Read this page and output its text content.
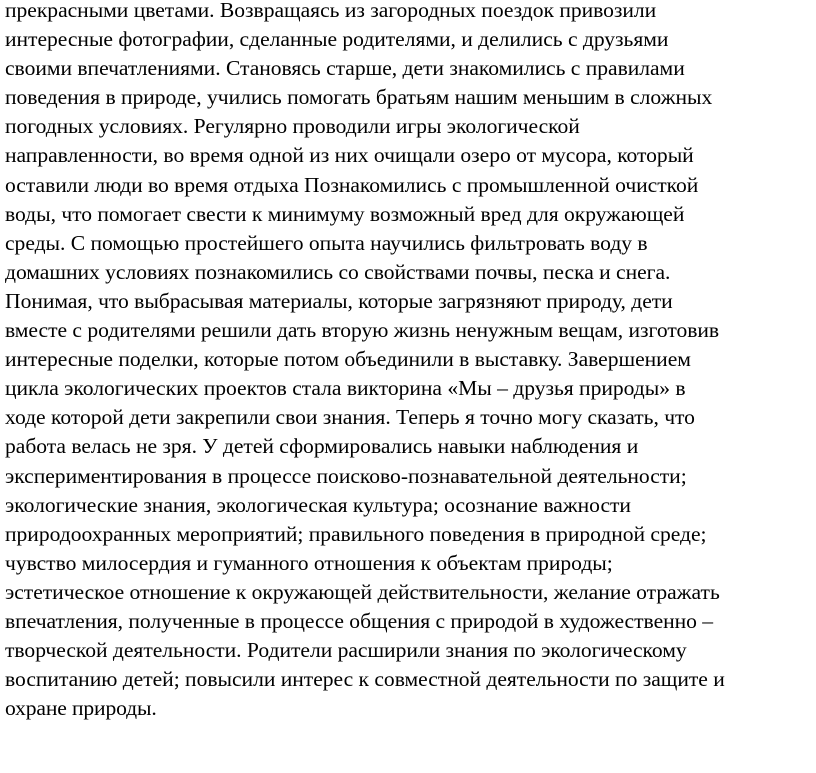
прекрасными цветами. Возвращаясь из загородных поездок привозили
интересные фотографии, сделанные родителями, и делились с друзьями
своими впечатлениями. Становясь старше, дети знакомились с правилами
поведения в природе, учились помогать братьям нашим меньшим в сложных
погодных условиях. Регулярно проводили игры экологической
направленности, во время одной из них очищали озеро от мусора, который
оставили люди во время отдыха Познакомились с промышленной очисткой
воды, что помогает свести к минимуму возможный вред для окружающей
среды. С помощью простейшего опыта научились фильтровать воду в
домашних условиях познакомились со свойствами почвы, песка и снега.
Понимая, что выбрасывая материалы, которые загрязняют природу, дети
вместе с родителями решили дать вторую жизнь ненужным вещам, изготовив
интересные поделки, которые потом объединили в выставку. Завершением
цикла экологических проектов стала викторина «Мы – друзья природы» в
ходе которой дети закрепили свои знания. Теперь я точно могу сказать, что
работа велась не зря. У детей сформировались навыки наблюдения и
экспериментирования в процессе поисково-познавательной деятельности;
экологические знания, экологическая культура; осознание важности
природоохранных мероприятий; правильного поведения в природной среде;
чувство милосердия и гуманного отношения к объектам природы;
эстетическое отношение к окружающей действительности, желание отражать
впечатления, полученные в процессе общения с природой в художественно –
творческой деятельности. Родители расширили знания по экологическому
воспитанию детей; повысили интерес к совместной деятельности по защите и
охране природы.
